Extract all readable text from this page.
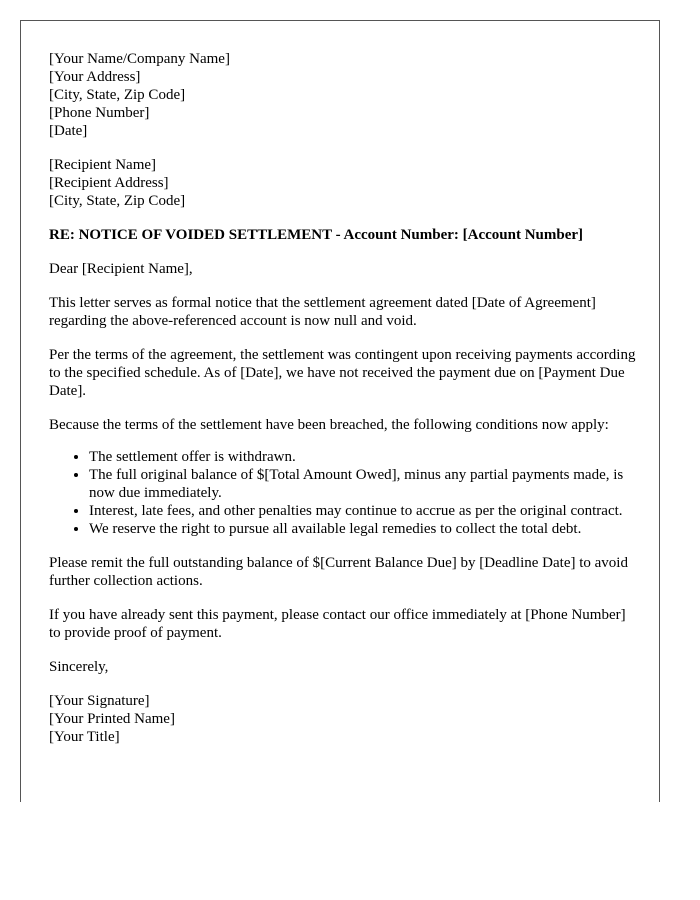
[Your Name/Company Name]
[Your Address]
[City, State, Zip Code]
[Phone Number]
[Date]
[Recipient Name]
[Recipient Address]
[City, State, Zip Code]

RE: NOTICE OF VOIDED SETTLEMENT - Account Number: [Account Number]

Dear [Recipient Name],

This letter serves as formal notice that the settlement agreement dated [Date of Agreement] regarding the above-referenced account is now null and void.

Per the terms of the agreement, the settlement was contingent upon receiving payments according to the specified schedule. As of [Date], we have not received the payment due on [Payment Due Date].

Because the terms of the settlement have been breached, the following conditions now apply:

• The settlement offer is withdrawn.
• The full original balance of $[Total Amount Owed], minus any partial payments made, is now due immediately.
• Interest, late fees, and other penalties may continue to accrue as per the original contract.
• We reserve the right to pursue all available legal remedies to collect the total debt.

Please remit the full outstanding balance of $[Current Balance Due] by [Deadline Date] to avoid further collection actions.

If you have already sent this payment, please contact our office immediately at [Phone Number] to provide proof of payment.

Sincerely,

[Your Signature]
[Your Printed Name]
[Your Title]
